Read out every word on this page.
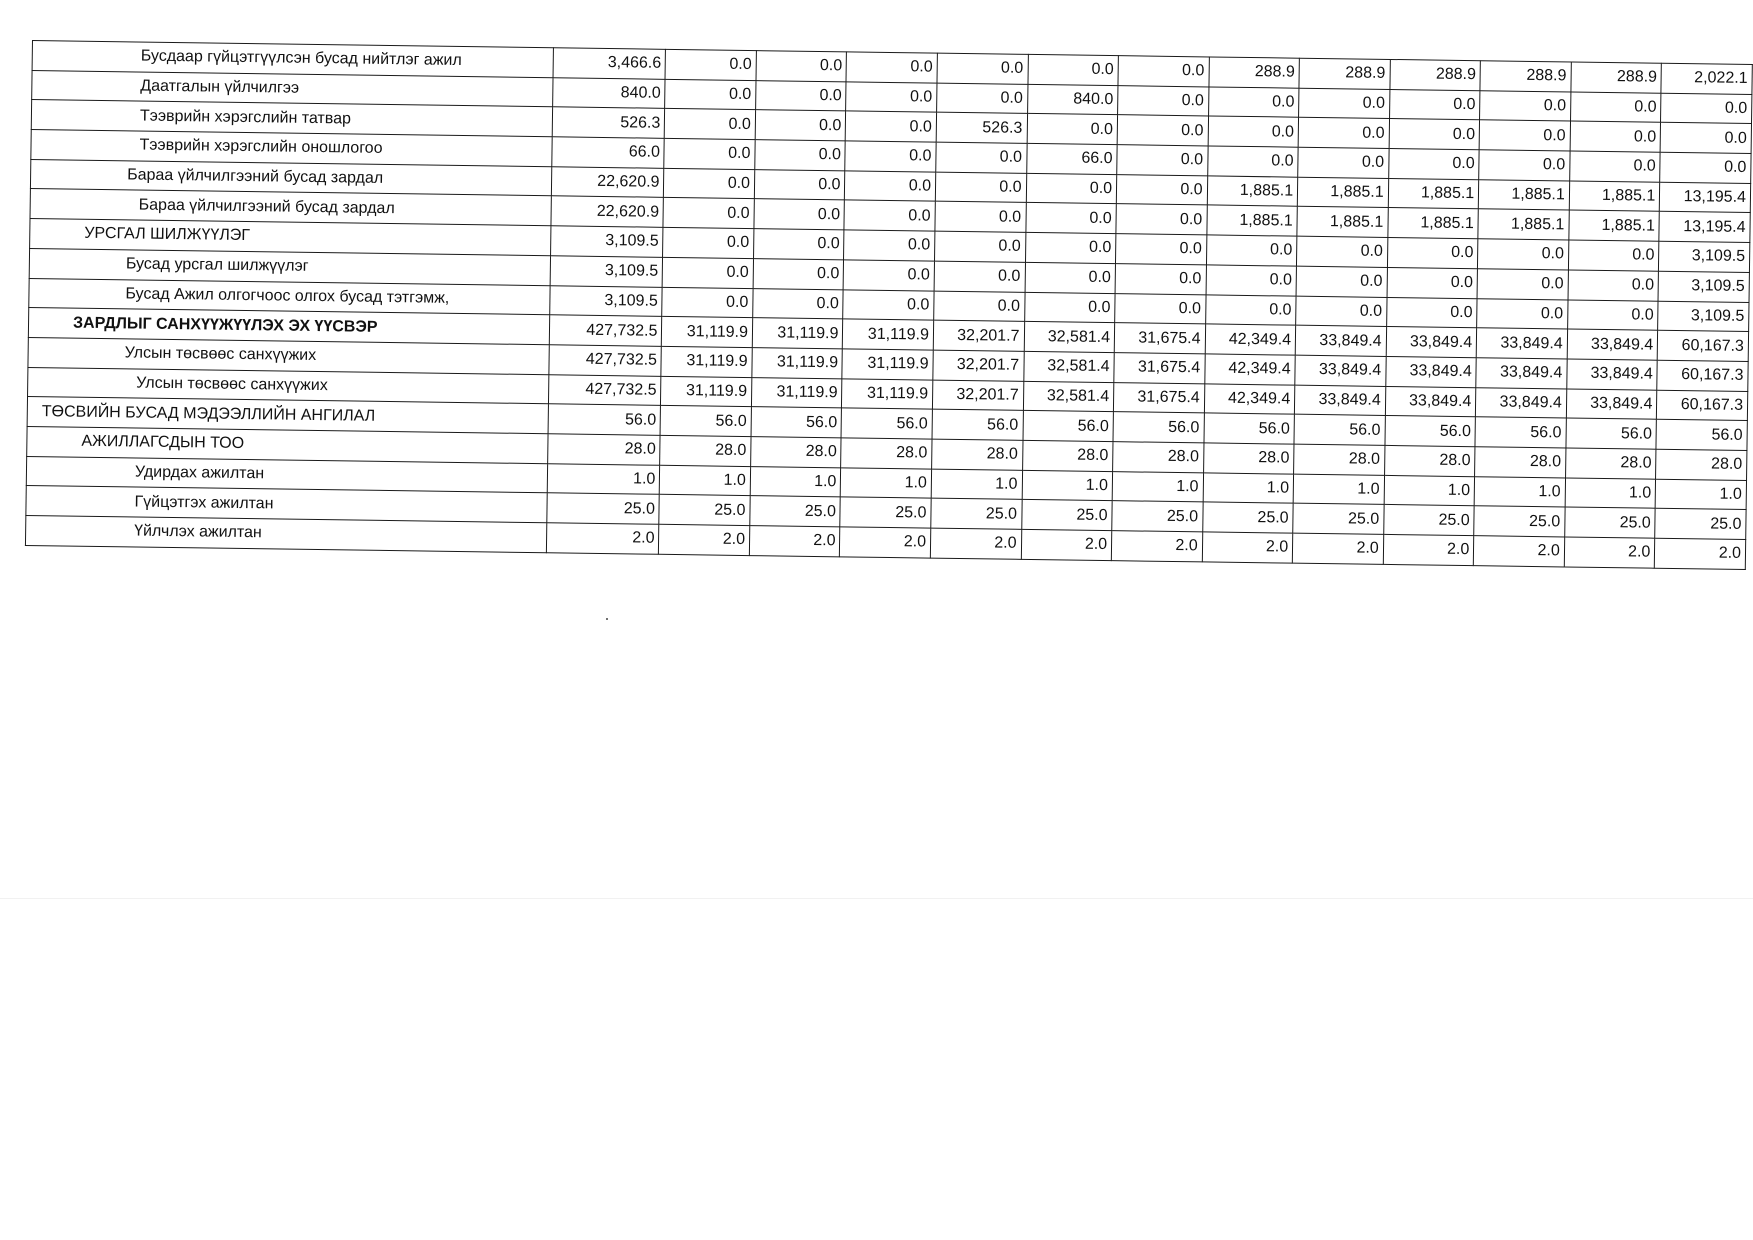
Бусдаар гүйцэтгүүлсэн бусад нийтлэг ажил	3,466.6	0.0	0.0	0.0	0.0	0.0	0.0	288.9	288.9	288.9	288.9	288.9	2,022.1
Даатгалын үйлчилгээ	840.0	0.0	0.0	0.0	0.0	840.0	0.0	0.0	0.0	0.0	0.0	0.0	0.0
Тээврийн хэрэгслийн татвар	526.3	0.0	0.0	0.0	526.3	0.0	0.0	0.0	0.0	0.0	0.0	0.0	0.0
Тээврийн хэрэгслийн оношлогоо	66.0	0.0	0.0	0.0	0.0	66.0	0.0	0.0	0.0	0.0	0.0	0.0	0.0
Бараа үйлчилгээний бусад зардал	22,620.9	0.0	0.0	0.0	0.0	0.0	0.0	1,885.1	1,885.1	1,885.1	1,885.1	1,885.1	13,195.4
Бараа үйлчилгээний бусад зардал	22,620.9	0.0	0.0	0.0	0.0	0.0	0.0	1,885.1	1,885.1	1,885.1	1,885.1	1,885.1	13,195.4
УРСГАЛ ШИЛЖҮҮЛЭГ	3,109.5	0.0	0.0	0.0	0.0	0.0	0.0	0.0	0.0	0.0	0.0	0.0	3,109.5
Бусад урсгал шилжүүлэг	3,109.5	0.0	0.0	0.0	0.0	0.0	0.0	0.0	0.0	0.0	0.0	0.0	3,109.5
Бусад Ажил олгогчоос олгох бусад тэтгэмж,	3,109.5	0.0	0.0	0.0	0.0	0.0	0.0	0.0	0.0	0.0	0.0	0.0	3,109.5
ЗАРДЛЫГ САНХҮҮЖҮҮЛЭХ ЭХ ҮҮСВЭР	427,732.5	31,119.9	31,119.9	31,119.9	32,201.7	32,581.4	31,675.4	42,349.4	33,849.4	33,849.4	33,849.4	33,849.4	60,167.3
Улсын төсвөөс санхүүжих	427,732.5	31,119.9	31,119.9	31,119.9	32,201.7	32,581.4	31,675.4	42,349.4	33,849.4	33,849.4	33,849.4	33,849.4	60,167.3
Улсын төсвөөс санхүүжих	427,732.5	31,119.9	31,119.9	31,119.9	32,201.7	32,581.4	31,675.4	42,349.4	33,849.4	33,849.4	33,849.4	33,849.4	60,167.3
ТӨСВИЙН БУСАД МЭДЭЭЛЛИЙН АНГИЛАЛ	56.0	56.0	56.0	56.0	56.0	56.0	56.0	56.0	56.0	56.0	56.0	56.0	56.0
АЖИЛЛАГСДЫН ТОО	28.0	28.0	28.0	28.0	28.0	28.0	28.0	28.0	28.0	28.0	28.0	28.0	28.0
Удирдах ажилтан	1.0	1.0	1.0	1.0	1.0	1.0	1.0	1.0	1.0	1.0	1.0	1.0	1.0
Гүйцэтгэх ажилтан	25.0	25.0	25.0	25.0	25.0	25.0	25.0	25.0	25.0	25.0	25.0	25.0	25.0
Үйлчлэх ажилтан	2.0	2.0	2.0	2.0	2.0	2.0	2.0	2.0	2.0	2.0	2.0	2.0	2.0
